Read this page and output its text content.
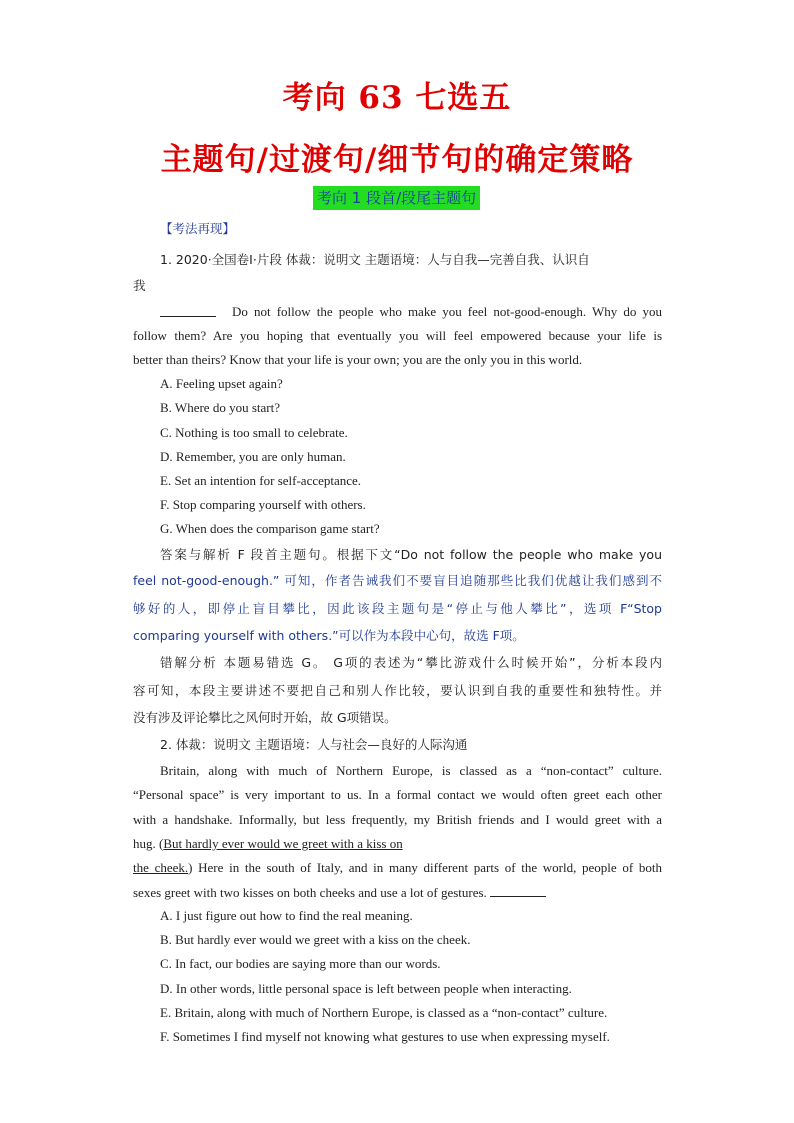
考向 63 七选五
主题句/过渡句/细节句的确定策略
考向 1 段首/段尾主题句
【考法再现】
1. 2020·全国卷Ⅰ·片段 体裁：说明文 主题语境：人与自我—完善自我、认识自
我
Do not follow the people who make you feel not-good-enough. Why do you
follow them? Are you hoping that eventually you will feel empowered because your life is
better than theirs? Know that your life is your own; you are the only you in this world.
A. Feeling upset again?
B. Where do you start?
C. Nothing is too small to celebrate.
D. Remember, you are only human.
E. Set an intention for self-acceptance.
F. Stop comparing yourself with others.
G. When does the comparison game start?
答案与解析 F 段首主题句。根据下文“Do not follow the people who make you
feel not-good-enough.” 可知，作者告诫我们不要盲目追随那些比我们优越让我们感到不
够好的人，即停止盲目攀比，因此该段主题句是“停止与他人攀比”，选项 F“Stop
comparing yourself with others.”可以作为本段中心句，故选 F项。
错解分析 本题易错选 G。 G项的表述为“攀比游戏什么时候开始”，分析本段内
容可知，本段主要讲述不要把自己和别人作比较，要认识到自我的重要性和独特性。并
没有涉及评论攀比之风何时开始，故 G项错误。
2. 体裁：说明文 主题语境：人与社会—良好的人际沟通
Britain, along with much of Northern Europe, is classed as a “non-contact” culture.
“Personal space” is very important to us. In a formal contact we would often greet each other
with a handshake. Informally, but less frequently, my British friends and I would greet with a
hug. (But hardly ever would we greet with a kiss on
the cheek.) Here in the south of Italy, and in many different parts of the world, people of both
sexes greet with two kisses on both cheeks and use a lot of gestures.
A. I just figure out how to find the real meaning.
B. But hardly ever would we greet with a kiss on the cheek.
C. In fact, our bodies are saying more than our words.
D. In other words, little personal space is left between people when interacting.
E. Britain, along with much of Northern Europe, is classed as a “non-contact” culture.
F. Sometimes I find myself not knowing what gestures to use when expressing myself.
